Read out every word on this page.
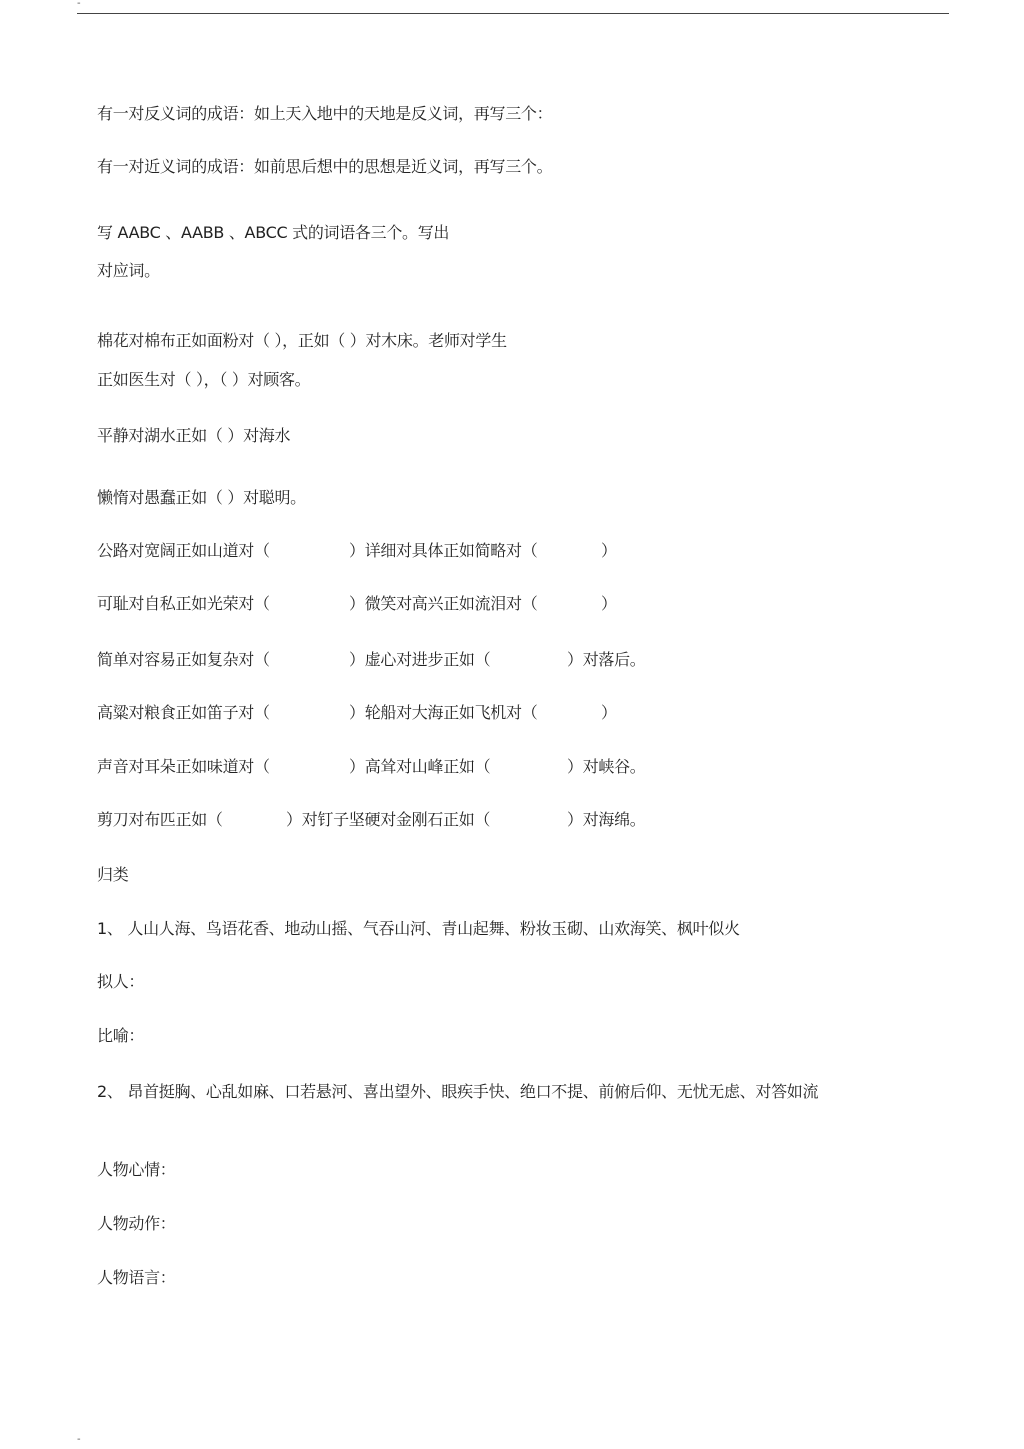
-
有一对反义词的成语：如上天入地中的天地是反义词，再写三个：
有一对近义词的成语：如前思后想中的思想是近义词，再写三个。
写 AABC 、AABB 、ABCC 式的词语各三个。写出
对应词。
棉花对棉布正如面粉对（ ），正如（ ）对木床。老师对学生
正如医生对（ ），（ ）对顾客。
平静对湖水正如（ ）对海水
懒惰对愚蠢正如（ ）对聪明。
公路对宽阔正如山道对（	）详细对具体正如简略对（	）
可耻对自私正如光荣对（	）微笑对高兴正如流泪对（	）
简单对容易正如复杂对（	）虚心对进步正如（	）对落后。
高粱对粮食正如笛子对（	）轮船对大海正如飞机对（	）
声音对耳朵正如味道对（	）高耸对山峰正如（	）对峡谷。
剪刀对布匹正如（	）对钉子坚硬对金刚石正如（	）对海绵。
归类
1、 人山人海、鸟语花香、地动山摇、气吞山河、青山起舞、粉妆玉砌、山欢海笑、枫叶似火
拟人：
比喻：
2、 昂首挺胸、心乱如麻、口若悬河、喜出望外、眼疾手快、绝口不提、前俯后仰、无忧无虑、对答如流
人物心情：
人物动作：
人物语言：
-
